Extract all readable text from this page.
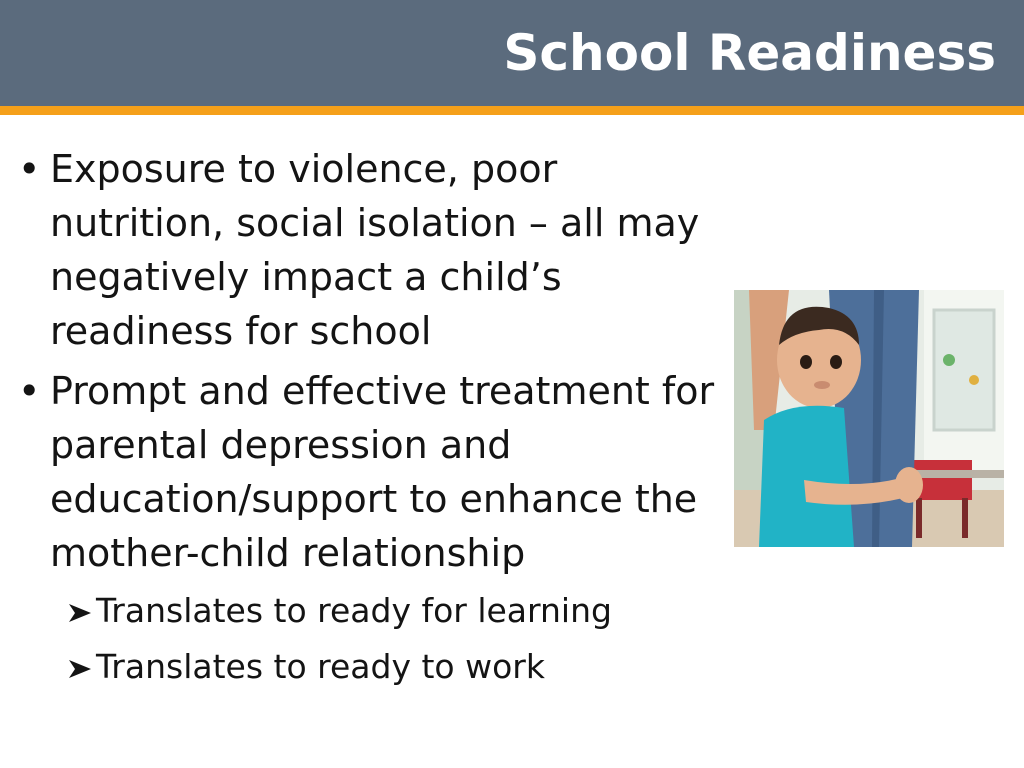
School Readiness
• Exposure to violence, poor nutrition, social isolation – all may negatively impact a child’s readiness for school
• Prompt and effective treatment for parental depression and education/support to enhance the mother-child relationship
Translates to ready for learning
Translates to ready to work
